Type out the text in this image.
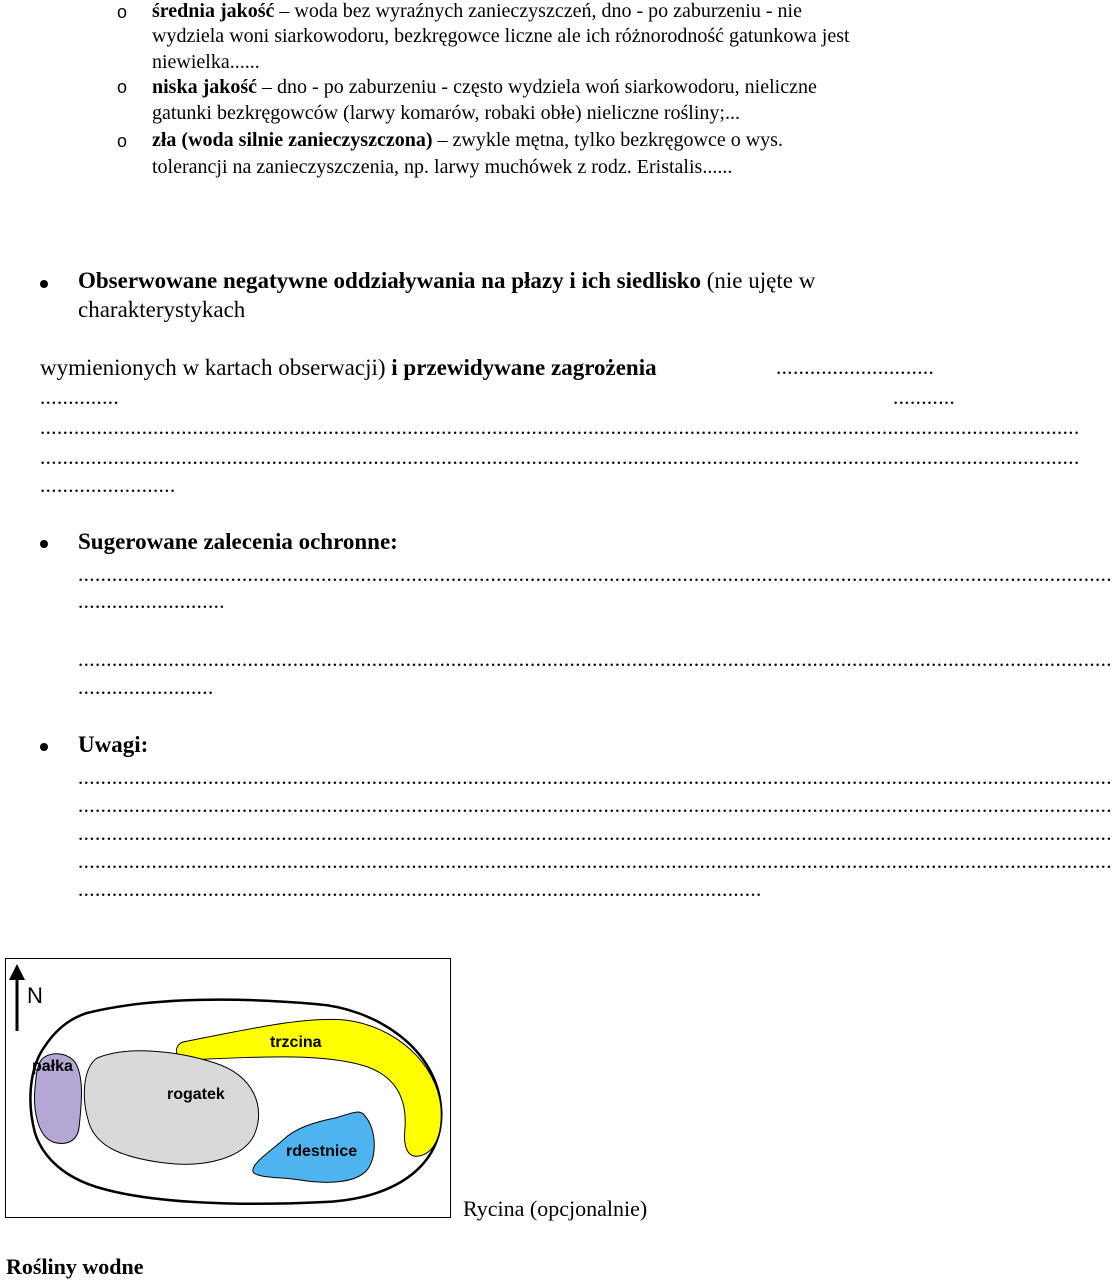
o średnia jakość – woda bez wyraźnych zanieczyszczeń, dno - po zaburzeniu - nie
wydziela woni siarkowodoru, bezkręgowce liczne ale ich różnorodność gatunkowa jest
niewielka......
o niska jakość – dno - po zaburzeniu - często wydziela woń siarkowodoru, nieliczne
gatunki bezkręgowców (larwy komarów, robaki obłe) nieliczne rośliny;...
o zła (woda silnie zanieczyszczona) – zwykle mętna, tylko bezkręgowce o wys.
tolerancji na zanieczyszczenia, np. larwy muchówek z rodz. Eristalis......
Obserwowane negatywne oddziaływania na płazy i ich siedlisko (nie ujęte w
charakterystykach
wymienionych w kartach obserwacji) i przewidywane zagrożenia	............................
..............	...........
........................................................................................................................................................................................
........................................................................................................................................................................................
........................
Sugerowane zalecenia ochronne:
.......................................................................................................................................................................................
..........................
.......................................................................................................................................................................................
........................
Uwagi:
.......................................................................................................................................................................................
.......................................................................................................................................................................................
.......................................................................................................................................................................................
.......................................................................................................................................................................................
.........................................................................................................................
N
trzcina
rogatek
pałka
rdestnice
Rycina (opcjonalnie)
Rośliny wodne
